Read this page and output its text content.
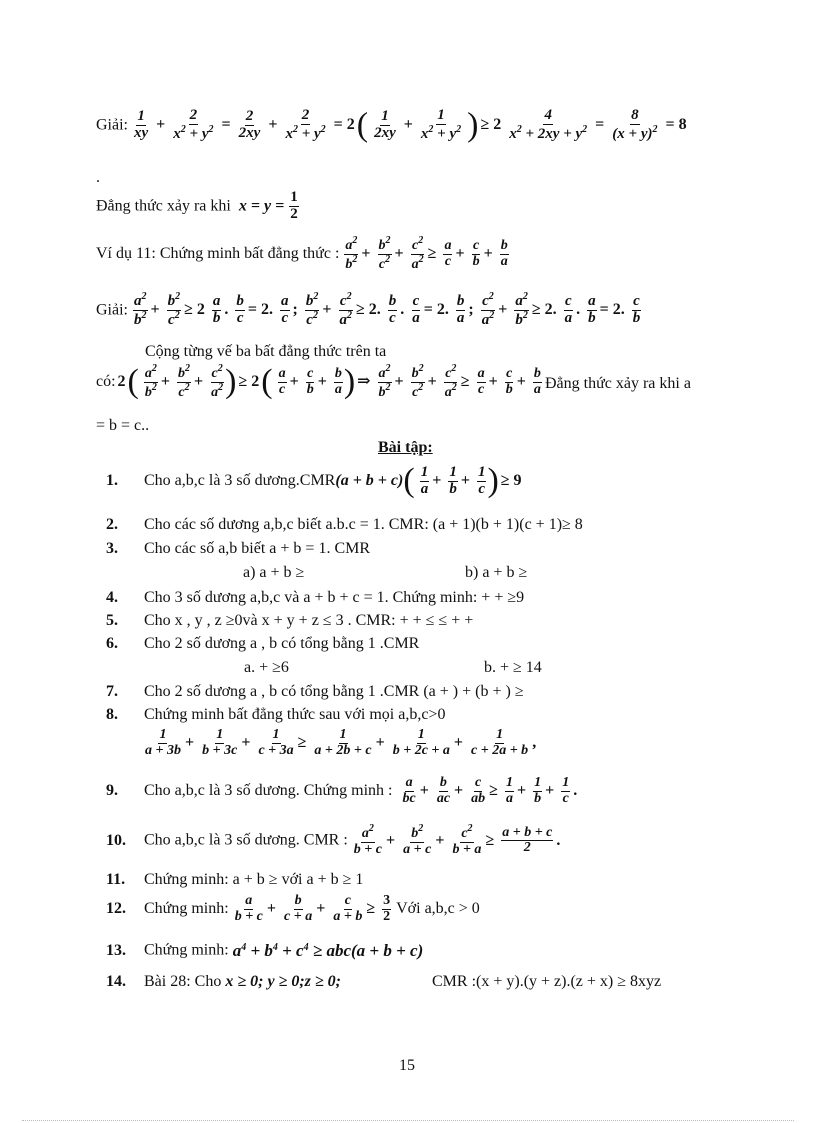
Giải: $\frac{1}{xy} + \frac{2}{x^2 + y^2} = \frac{2}{2xy} + \frac{2}{x^2 + y^2} = 2( \frac{1}{2xy} + \frac{1}{x^2 + y^2}$ ) ≥ $2 \frac{4}{x^2 + 2xy + y^2} = \frac{8}{(x + y)^2} = 8$
.
Đẳng thức xảy ra khi  $x = y = \frac{1}{2}$
Ví dụ 11: Chứng minh bất đẳng thức : $\frac{a^2}{b^2} + \frac{b^2}{c^2} + \frac{c^2}{a^2} \ge \frac{a}{c} + \frac{c}{b} + \frac{b}{a}$
Giải: $\frac{a^2}{b^2} + \frac{b^2}{c^2} \ge 2 \frac{a}{b}$ . $\frac{b}{c} = 2$. $\frac{a}{c}$ ; $\frac{b^2}{c^2} + \frac{c^2}{a^2} \ge 2$. $\frac{b}{c}$ . $\frac{c}{a} = 2$. $\frac{b}{a}$ ; $\frac{c^2}{a^2} + \frac{a^2}{b^2} \ge 2$. $\frac{c}{a}$ . $\frac{a}{b} = 2$. $\frac{c}{b}$
Cộng từng vế ba bất đẳng thức trên ta
có: $2( \frac{a^2}{b^2} + \frac{b^2}{c^2} + \frac{c^2}{a^2}$ ) ≥ $2( \frac{a}{c} + \frac{c}{b} + \frac{b}{a}$ ) ⇒ $\frac{a^2}{b^2} + \frac{b^2}{c^2} + \frac{c^2}{a^2} \ge \frac{a}{c} + \frac{c}{b} + \frac{b}{a}$ Đẳng thức xảy ra khi a
= b = c..
Bài tập:
1. Cho a,b,c là 3 số dương.CMR(a + $b + c)( \frac{1}{a} + \frac{1}{b} + \frac{1}{c}$ ) ≥ 9
2. Cho các số dương a,b,c biết a.b.c = 1. CMR: (a + 1)(b + 1)(c + 1)≥ 8
3. Cho các số a,b biết a + b = 1. CMR
a) a + b ≥	b) a + b ≥
4. Cho 3 số dương a,b,c và a + b + c = 1. Chứng minh: + + ≥9
5. Cho x , y , z ≥0và x + y + z ≤ 3 . CMR: + + ≤ ≤ + +
6. Cho 2 số dương a , b có tổng bằng 1 .CMR
a. + ≥6	b. + ≥ 14
7. Cho 2 số dương a , b có tổng bằng 1 .CMR (a + ) + (b + ) ≥
8. Chứng minh bất đẳng thức sau với mọi a,b,c>0
$\frac{1}{a + 3b} + \frac{1}{b + 3c} + \frac{1}{c + 3a} \ge \frac{1}{a + 2b + c} + \frac{1}{b + 2c + a} + \frac{1}{c + 2a + b}$ ,
9. Cho a,b,c là 3 số dương. Chứng minh : $\frac{a}{bc} + \frac{b}{ac} + \frac{c}{ab} \ge \frac{1}{a} + \frac{1}{b} + \frac{1}{c}$ .
10. Cho a,b,c là 3 số dương. CMR : $\frac{a^2}{b + c} + \frac{b^2}{a + c} + \frac{c^2}{b + a} \ge \frac{a + b + c}{2}$ .
11. Chứng minh: a + b ≥ với a + b ≥ 1
12. Chứng minh: $\frac{a}{b + c} + \frac{b}{c + a} + \frac{c}{a + b} \ge \frac{3}{2}$ Với a,b,c > 0
13. Chứng minh: $a^4 + b^4 + c^4 \ge abc(a + b + c)$
14. Bài 28: Cho x ≥ 0; y ≥ 0;z ≥ 0;	CMR :(x + y).(y + z).(z + x) ≥ 8xyz
15
